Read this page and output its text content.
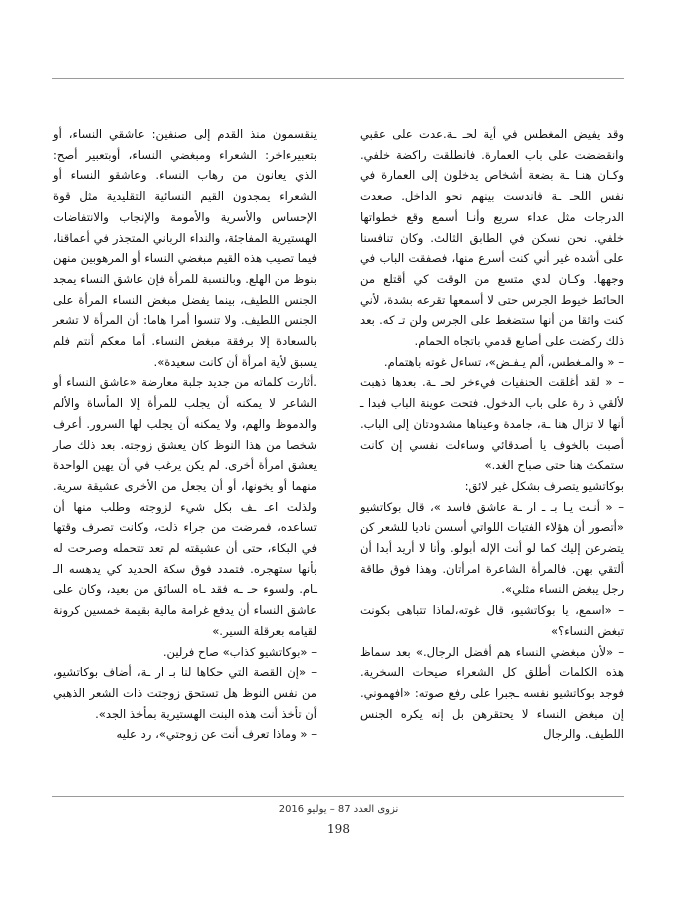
وقد يفيض المغطس في أية لحـ ـة.عدت على عقبي وانقضضت على باب العمارة. فانطلقت راكضة خلفي. وكـان هنـا ـة بضعة أشخاص يدخلون إلى العمارة في نفس اللحـ ـة فاندست بينهم نحو الداخل. صعدت الدرجات مثل عداء سريع وأنـا أسمع وقع خطواتها خلفي. نحن نسكن في الطابق الثالث. وكان تنافسنا على أشده غير أني كنت أسرع منها، فصفقت الباب في وجهها. وكـان لدي متسع من الوقت كي أقتلع من الحائط خيوط الجرس حتى لا أسمعها تقرعه بشدة، لأني كنت واثقا من أنها ستضغط على الجرس ولن تـ كه. بعد ذلك ركضت على أصابع قدمي باتجاه الحمام.

– « والمـغطس، ألم يـفـض»، تساءل غوته باهتمام.

– « لقد أغلقت الحنفيات فيءخر لحـ ـة. بعدها ذهبت لألقي ذ رة على باب الدخول. فتحت عوينة الباب فبدا ـ أنها لا تزال هنا ـة، جامدة وعيناها مشدودتان إلى الباب. أصبت بالخوف يا أصدقائي وساءلت نفسي إن كانت ستمكث هنا حتى صباح الغد.»

بوكاتشيو يتصرف بشكل غير لائق:

– « أنـت يـا بـ ـ ار ـة عاشق فاسد »، قال بوكاتشيو «أتصور أن هؤلاء الفتيات اللواتي أسسن ناديا للشعر كن يتضرعن إليك كما لو أنت الإله أبولو. وأنا لا أريد أبدا أن ألتقي بهن. فالمرأة الشاعرة امرأتان. وهذا فوق طاقة رجل يبغض النساء مثلي».

– «اسمع، يا بوكاتشيو، قال غوته،لماذا تتباهى بكونت تبغض النساء؟»

– «لأن مبغضي النساء هم أفضل الرجال.» بعد سماظ هذه الكلمات أطلق كل الشعراء صيحات السخرية. فوجد بوكاتشيو نفسه ـجبرا على رفع صوته: «افهموني. إن مبغض النساء لا يحتقرهن بل إنه يكره الجنس اللطيف. والرجال

ينقسمون منذ القدم إلى صنفين: عاشقي النساء، أو بتعبيرءاخر: الشعراء ومبغضي النساء، أوبتعبير أصح: الذي يعانون من رهاب النساء. وعاشقو النساء أو الشعراء يمجدون القيم النسائية التقليدية مثل قوة الإحساس والأسرية والأمومة والإنجاب والانتفاضات الهستيرية المفاجئة، والنداء الرباني المتجذر في أعماقنا، فيما تصيب هذه القيم مبغضي النساء أو المرهوبين منهن بنوظ من الهلع. وبالنسبة للمرأة فإن عاشق النساء يمجد الجنس اللطيف، بينما يفضل مبغض النساء المرأة على الجنس اللطيف. ولا تنسوا أمرا هاما: أن المرأة لا تشعر بالسعادة إلا برفقة مبغض النساء. أما معكم أنتم فلم يسبق لأية امرأة أن كانت سعيدة».

.أثارت كلماته من جديد جلبة معارضة «عاشق النساء أو الشاعر لا يمكنه أن يجلب للمرأة إلا المأساة والألم والدموظ والهم، ولا يمكنه أن يجلب لها السرور. أعرف شخصا من هذا النوظ كان يعشق زوجته. بعد ذلك صار يعشق امرأة أخرى. لم يكن يرغب في أن يهين الواحدة منهما أو يخونها، أو أن يجعل من الأخرى عشيقة سرية. ولذلت اعـ ـف بكل شيء لزوجته وطلب منها أن تساعده، فمرضت من جراء ذلت، وكانت تصرف وقتها في البكاء، حتى أن عشيقته لم تعد تتحمله وصرحت له بأنها ستهجره. فتمدد فوق سكة الحديد كي يدهسه الـ ـام. ولسوء حـ ـه فقد ـاه السائق من بعيد، وكان على عاشق النساء أن يدفع غرامة مالية بقيمة خمسين كرونة لقيامه بعرقلة السير.»

– «بوكاتشيو كذاب» صاح فرلين.

– «إن القصة التي حكاها لنا بـ ار ـة، أضاف بوكاتشيو، من نفس النوظ هل تستحق زوجتت ذات الشعر الذهبي أن تأخذ أنت هذه البنت الهستيرية بمأخذ الجد».

– « وماذا تعرف أنت عن زوجتي»، رد عليه

نزوى العدد 87 – يوليو 2016
198
